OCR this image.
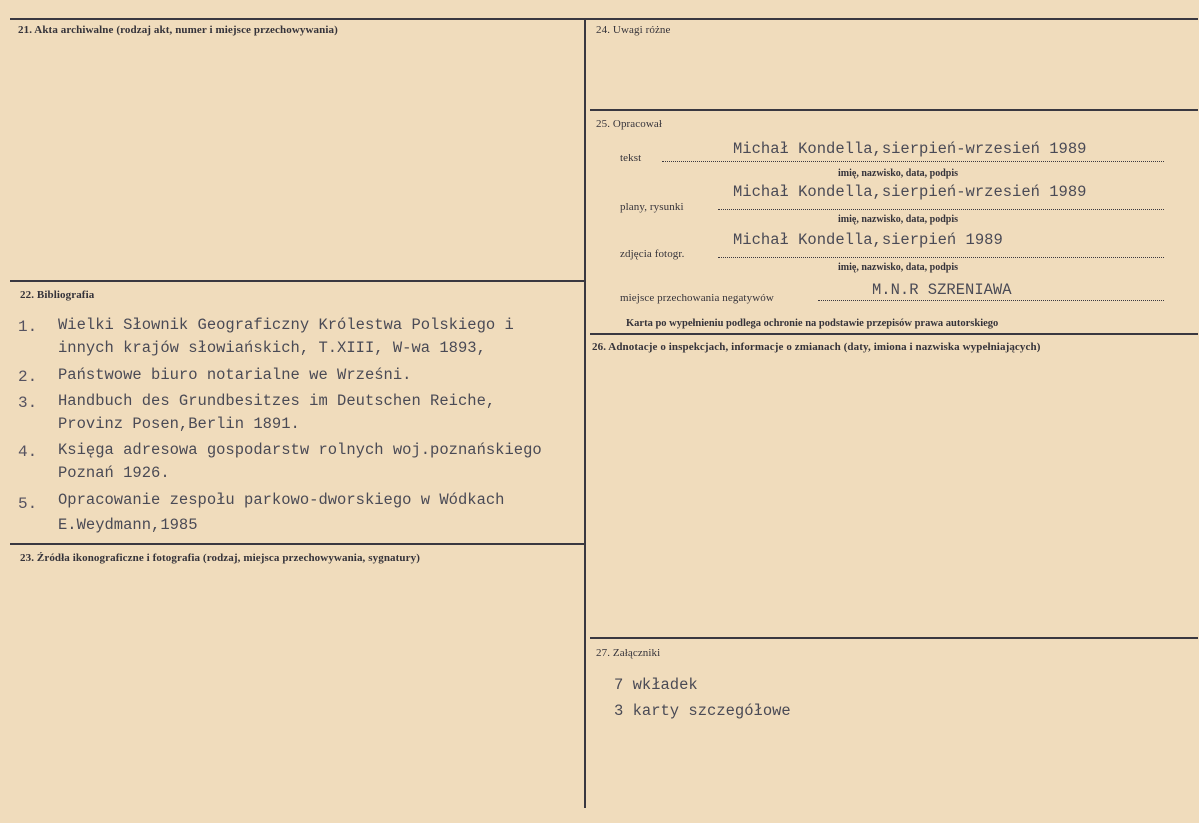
21. Akta archiwalne (rodzaj akt, numer i miejsce przechowywania)
22. Bibliografia
1. Wielki Słownik Geograficzny Królestwa Polskiego i
innych krajów słowiańskich, T.XIII, W-wa 1893,
2. Państwowe biuro notarialne we Wrześni.
3. Handbuch des Grundbesitzes im Deutschen Reiche,
Provinz Posen,Berlin 1891.
4. Księga adresowa gospodarstw rolnych woj.poznańskiego
Poznań 1926.
5. Opracowanie zespołu parkowo-dworskiego w Wódkach
E.Weydmann,1985
23. Źródła ikonograficzne i fotografia (rodzaj, miejsca przechowywania, sygnatury)
24. Uwagi różne
25. Opracował
Michał Kondella,sierpień-wrzesień 1989
tekst
imię, nazwisko, data, podpis
Michał Kondella,sierpień-wrzesień 1989
plany, rysunki
imię, nazwisko, data, podpis
Michał Kondella,sierpień 1989
zdjęcia fotogr.
imię, nazwisko, data, podpis
miejsce przechowania negatywów	M.N.R SZRENIAWA
Karta po wypełnieniu podlega ochronie na podstawie przepisów prawa autorskiego
26. Adnotacje o inspekcjach, informacje o zmianach (daty, imiona i nazwiska wypełniających)
27. Załączniki
7 wkładek
3 karty szczegółowe
